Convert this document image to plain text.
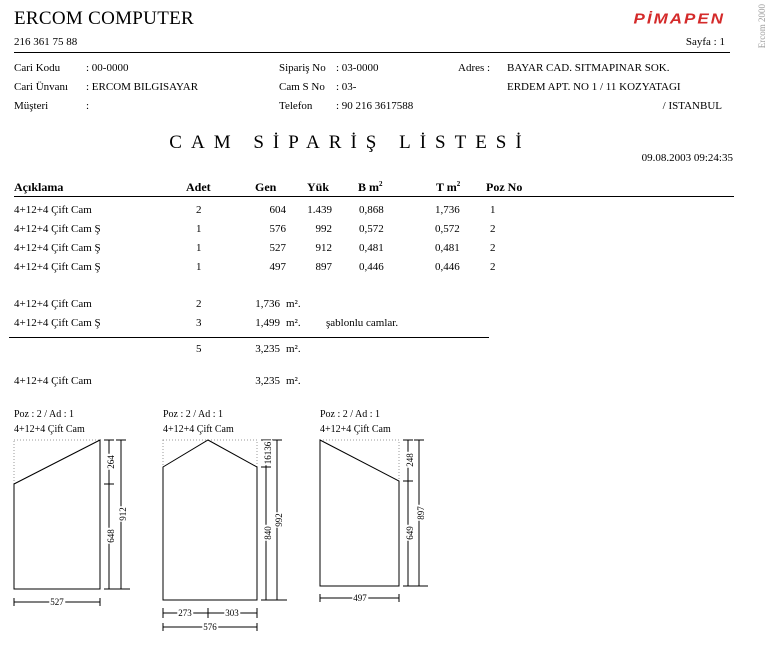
ERCOM COMPUTER
216 361 75 88
PİMAPEN
Sayfa : 1	Ercom 2000
Cari Kodu : 00-0000
Cari Ünvanı : ERCOM BILGISAYAR
Müşteri	:
Sipariş No : 03-0000
Cam S No : 03-
Telefon : 90 216 3617588
Adres : BAYAR CAD. SITMAPINAR SOK.
ERDEM APT. NO 1 / 11 KOZYATAGI
/ ISTANBUL
CAM SİPARİŞ LİSTESİ
09.08.2003 09:24:35
Açıklama	Adet	Gen	Yük B $m^2$	T $m^2$ Poz No
4+12+4 Çift Cam	2	604	1.439 0,868	1,736	1
4+12+4 Çift Cam Ş	1	576	992 0,572	0,572	2
4+12+4 Çift Cam Ş	1	527	912 0,481	0,481	2
4+12+4 Çift Cam Ş	1	497	897 0,446	0,446	2
4+12+4 Çift Cam	2	1,736 m².
4+12+4 Çift Cam Ş	3	1,499 m². şablonlu camlar.
5	3,235 m².
4+12+4 Çift Cam	3,235 m².
Poz : 2 / Ad : 1
4+12+4 Çift Cam
Poz : 2 / Ad : 1
4+12+4 Çift Cam
Poz : 2 / Ad : 1
4+12+4 Çift Cam
264
912
648
527
16136
992
840
273	303
576
248
897
649
497
